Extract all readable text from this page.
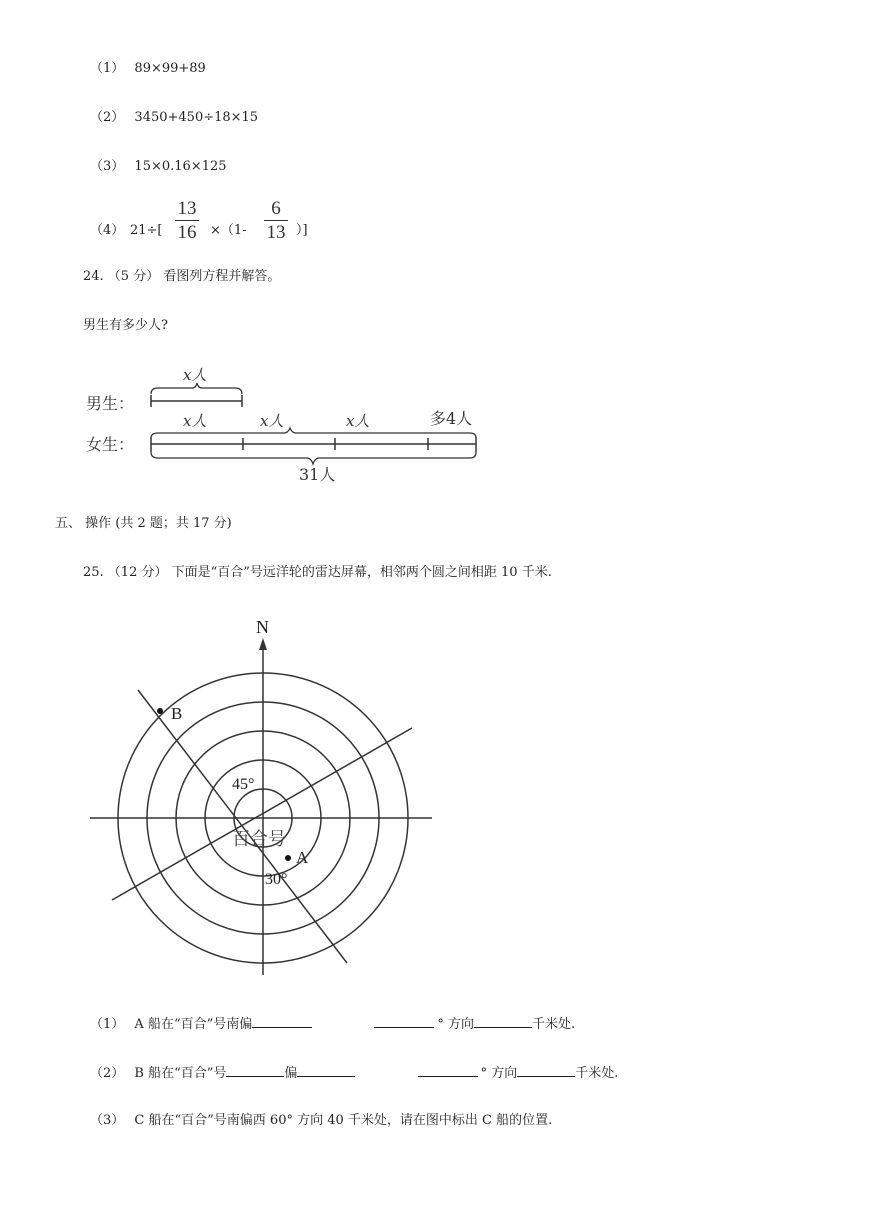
（1） 89×99+89
（2） 3450+450÷18×15
（3） 15×0.16×125
（4） 21÷[
13
16 ×（1-
6
13 ）]
24. （5 分） 看图列方程并解答。
男生有多少人?
男生：
女生：
x人
x人	x人	x人	多4人
31人
五、 操作 (共 2 题；共 17 分)
25. （12 分） 下面是“百合”号远洋轮的雷达屏幕，相邻两个圆之间相距 10 千米.
N
B
A
45°
30°
百合号
（1） A 船在“百合”号南偏	° 方向	千米处.
（2） B 船在“百合”号	偏	° 方向	千米处.
（3） C 船在“百合”号南偏西 60° 方向 40 千米处，请在图中标出 C 船的位置.
